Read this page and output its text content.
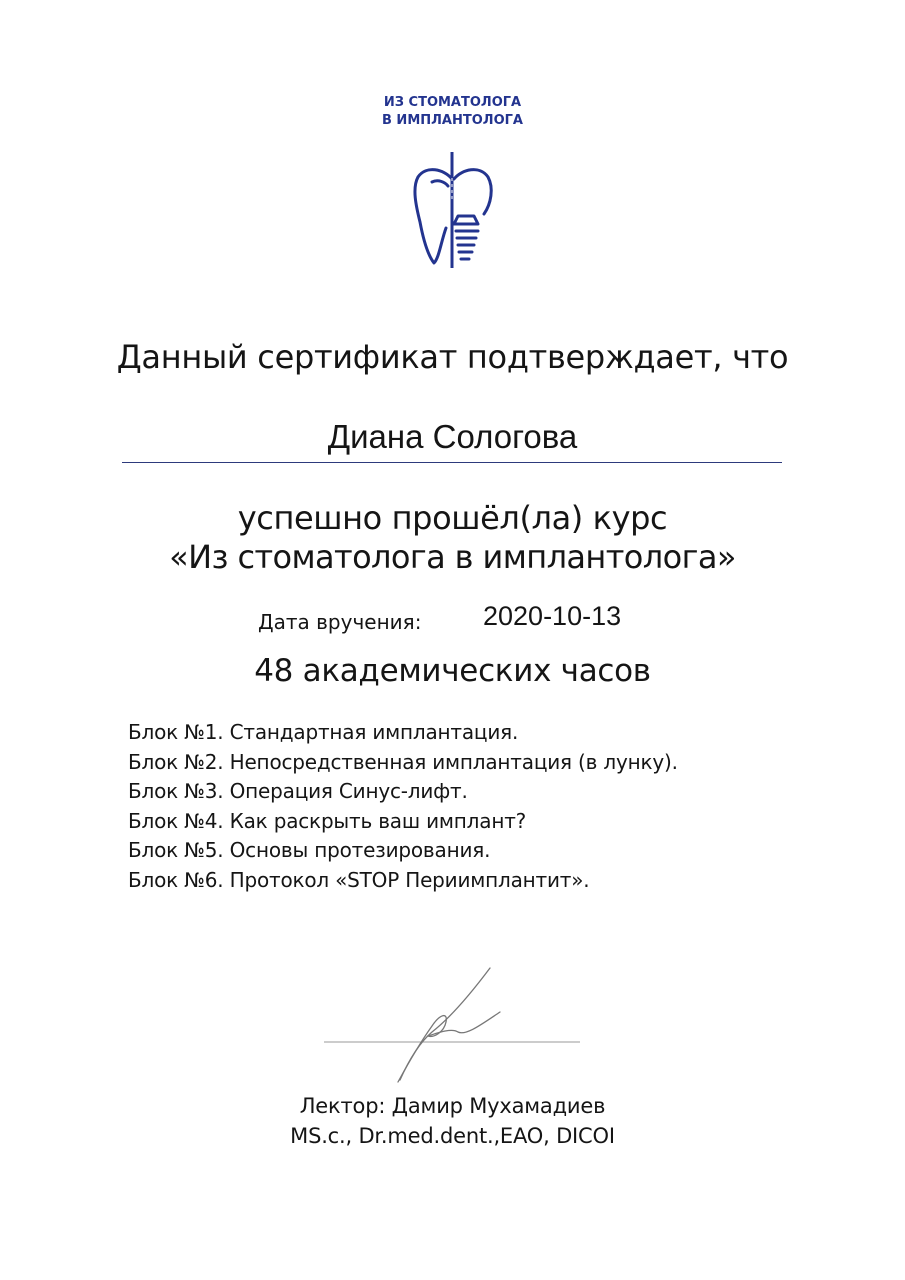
ИЗ СТОМАТОЛОГА
В ИМПЛАНТОЛОГА
Данный сертификат подтверждает, что
Диана Сологова
успешно прошёл(ла) курс
«Из стоматолога в имплантолога»
Дата вручения: 2020-10-13
48 академических часов
Блок №1. Стандартная имплантация.
Блок №2. Непосредственная имплантация (в лунку).
Блок №3. Операция Синус-лифт.
Блок №4. Как раскрыть ваш имплант?
Блок №5. Основы протезирования.
Блок №6. Протокол «STOP Периимплантит».
Лектор: Дамир Мухамадиев
MS.c., Dr.med.dent.,EAO, DICOI
